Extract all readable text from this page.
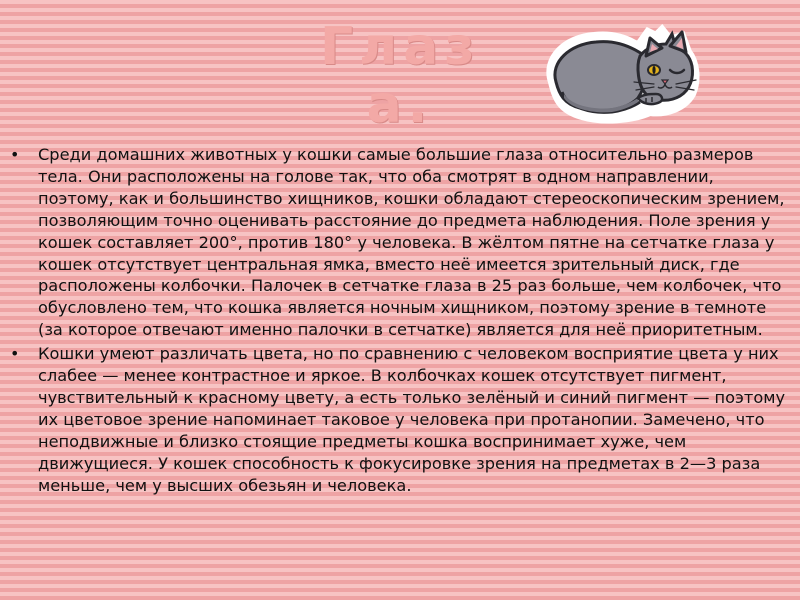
Глаз
а.
• Среди домашних животных у кошки самые большие глаза относительно размеров тела. Они расположены на голове так, что оба смотрят в одном направлении, поэтому, как и большинство хищников, кошки обладают стереоскопическим зрением, позволяющим точно оценивать расстояние до предмета наблюдения. Поле зрения у кошек составляет 200°, против 180° у человека. В жёлтом пятне на сетчатке глаза у кошек отсутствует центральная ямка, вместо неё имеется зрительный диск, где расположены колбочки. Палочек в сетчатке глаза в 25 раз больше, чем колбочек, что обусловлено тем, что кошка является ночным хищником, поэтому зрение в темноте (за которое отвечают именно палочки в сетчатке) является для неё приоритетным.
• Кошки умеют различать цвета, но по сравнению с человеком восприятие цвета у них слабее — менее контрастное и яркое. В колбочках кошек отсутствует пигмент, чувствительный к красному цвету, а есть только зелёный и синий пигмент — поэтому их цветовое зрение напоминает таковое у человека при протанопии. Замечено, что неподвижные и близко стоящие предметы кошка воспринимает хуже, чем движущиеся. У кошек способность к фокусировке зрения на предметах в 2—3 раза меньше, чем у высших обезьян и человека.
